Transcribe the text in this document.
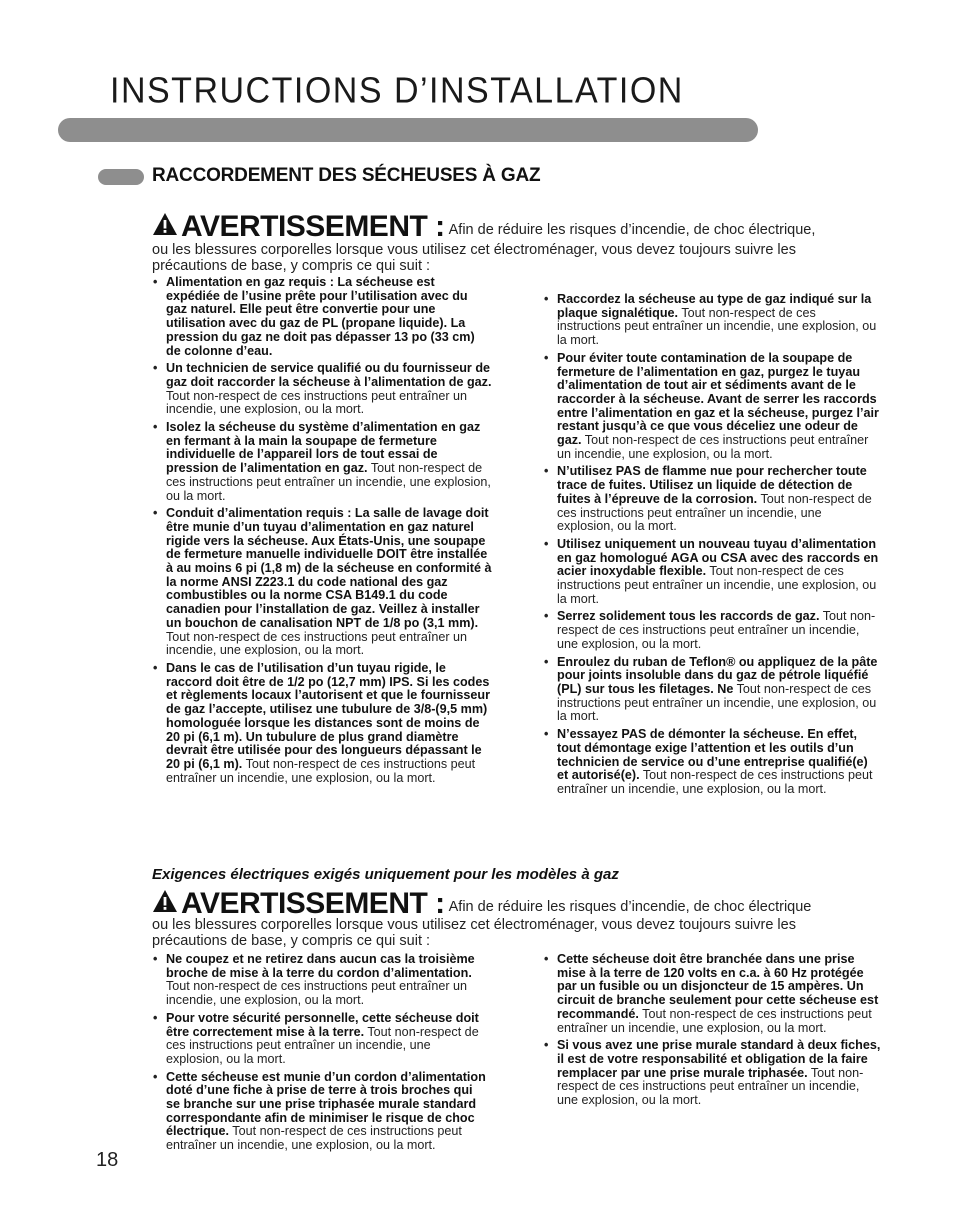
INSTRUCTIONS D’INSTALLATION
RACCORDEMENT DES SÉCHEUSES À GAZ
AVERTISSEMENT : Afin de réduire les risques d’incendie, de choc électrique,
ou les blessures corporelles lorsque vous utilisez cet électroménager, vous devez toujours suivre les
précautions de base, y compris ce qui suit :
• Alimentation en gaz requis : La sécheuse est expédiée de l’usine prête pour l’utilisation avec du gaz naturel. Elle peut être convertie pour une utilisation avec du gaz de PL (propane liquide). La pression du gaz ne doit pas dépasser 13 po (33 cm) de colonne d’eau.
• Un technicien de service qualifié ou du fournisseur de gaz doit raccorder la sécheuse à l’alimentation de gaz. Tout non-respect de ces instructions peut entraîner un incendie, une explosion, ou la mort.
• Isolez la sécheuse du système d’alimentation en gaz en fermant à la main la soupape de fermeture individuelle de l’appareil lors de tout essai de pression de l’alimentation en gaz. Tout non-respect de ces instructions peut entraîner un incendie, une explosion, ou la mort.
• Conduit d’alimentation requis : La salle de lavage doit être munie d’un tuyau d’alimentation en gaz naturel rigide vers la sécheuse. Aux États-Unis, une soupape de fermeture manuelle individuelle DOIT être installée à au moins 6 pi (1,8 m) de la sécheuse en conformité à la norme ANSI Z223.1 du code national des gaz combustibles ou la norme CSA B149.1 du code canadien pour l’installation de gaz. Veillez à installer un bouchon de canalisation NPT de 1/8 po (3,1 mm). Tout non-respect de ces instructions peut entraîner un incendie, une explosion, ou la mort.
• Dans le cas de l’utilisation d’un tuyau rigide, le raccord doit être de 1/2 po (12,7 mm) IPS. Si les codes et règlements locaux l’autorisent et que le fournisseur de gaz l’accepte, utilisez une tubulure de 3/8-(9,5 mm) homologuée lorsque les distances sont de moins de 20 pi (6,1 m). Un tubulure de plus grand diamètre devrait être utilisée pour des longueurs dépassant le 20 pi (6,1 m). Tout non-respect de ces instructions peut entraîner un incendie, une explosion, ou la mort.
• Raccordez la sécheuse au type de gaz indiqué sur la plaque signalétique. Tout non-respect de ces instructions peut entraîner un incendie, une explosion, ou la mort.
• Pour éviter toute contamination de la soupape de fermeture de l’alimentation en gaz, purgez le tuyau d’alimentation de tout air et sédiments avant de le raccorder à la sécheuse. Avant de serrer les raccords entre l’alimentation en gaz et la sécheuse, purgez l’air restant jusqu’à ce que vous déceliez une odeur de gaz. Tout non-respect de ces instructions peut entraîner un incendie, une explosion, ou la mort.
• N’utilisez PAS de flamme nue pour rechercher toute trace de fuites. Utilisez un liquide de détection de fuites à l’épreuve de la corrosion. Tout non-respect de ces instructions peut entraîner un incendie, une explosion, ou la mort.
• Utilisez uniquement un nouveau tuyau d’alimentation en gaz homologué AGA ou CSA avec des raccords en acier inoxydable flexible. Tout non-respect de ces instructions peut entraîner un incendie, une explosion, ou la mort.
• Serrez solidement tous les raccords de gaz. Tout non-respect de ces instructions peut entraîner un incendie, une explosion, ou la mort.
• Enroulez du ruban de Teflon® ou appliquez de la pâte pour joints insoluble dans du gaz de pétrole liquéfié (PL) sur tous les filetages. Ne Tout non-respect de ces instructions peut entraîner un incendie, une explosion, ou la mort.
• N’essayez PAS de démonter la sécheuse. En effet, tout démontage exige l’attention et les outils d’un technicien de service ou d’une entreprise qualifié(e) et autorisé(e). Tout non-respect de ces instructions peut entraîner un incendie, une explosion, ou la mort.
Exigences électriques exigés uniquement pour les modèles à gaz
AVERTISSEMENT : Afin de réduire les risques d’incendie, de choc électrique
ou les blessures corporelles lorsque vous utilisez cet électroménager, vous devez toujours suivre les
précautions de base, y compris ce qui suit :
• Ne coupez et ne retirez dans aucun cas la troisième broche de mise à la terre du cordon d’alimentation. Tout non-respect de ces instructions peut entraîner un incendie, une explosion, ou la mort.
• Pour votre sécurité personnelle, cette sécheuse doit être correctement mise à la terre. Tout non-respect de ces instructions peut entraîner un incendie, une explosion, ou la mort.
• Cette sécheuse est munie d’un cordon d’alimentation doté d’une fiche à prise de terre à trois broches qui se branche sur une prise triphasée murale standard correspondante afin de minimiser le risque de choc électrique. Tout non-respect de ces instructions peut entraîner un incendie, une explosion, ou la mort.
• Cette sécheuse doit être branchée dans une prise mise à la terre de 120 volts en c.a. à 60 Hz protégée par un fusible ou un disjoncteur de 15 ampères. Un circuit de branche seulement pour cette sécheuse est recommandé. Tout non-respect de ces instructions peut entraîner un incendie, une explosion, ou la mort.
• Si vous avez une prise murale standard à deux fiches, il est de votre responsabilité et obligation de la faire remplacer par une prise murale triphasée. Tout non-respect de ces instructions peut entraîner un incendie, une explosion, ou la mort.
18
